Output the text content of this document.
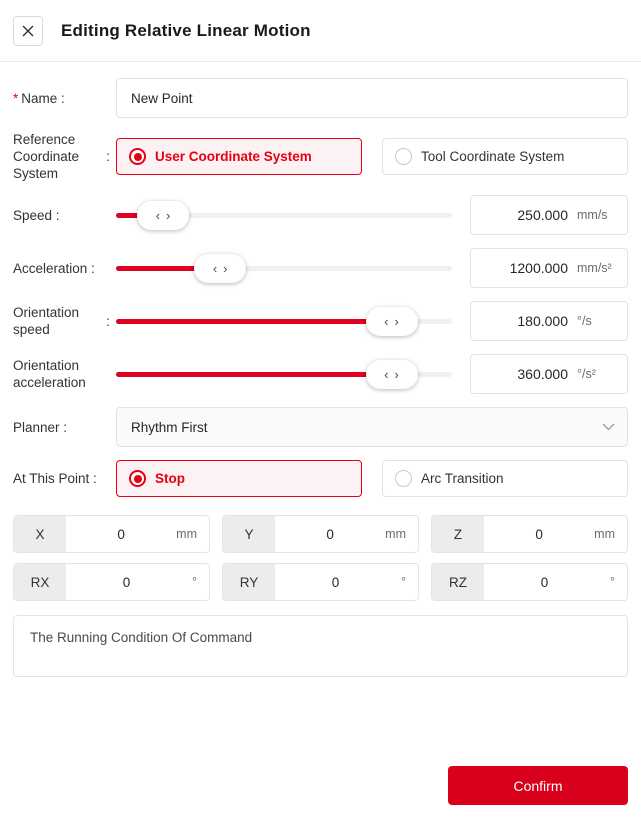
Editing Relative Linear Motion
* Name :
New Point
Reference Coordinate System
:	User Coordinate System	Tool Coordinate System
Speed :	‹ ›	250.000 mm/s
Acceleration :	‹ ›	1200.000 mm/s²
Orientation speed
:	‹ ›	180.000 °/s
Orientation acceleration
‹ ›	360.000 °/s²
Planner :	Rhythm First
At This Point :	Stop	Arc Transition
X	0	mm	Y	0	mm	Z	0	mm
RX	0	°	RY	0	°	RZ	0	°
The Running Condition Of Command
Confirm
